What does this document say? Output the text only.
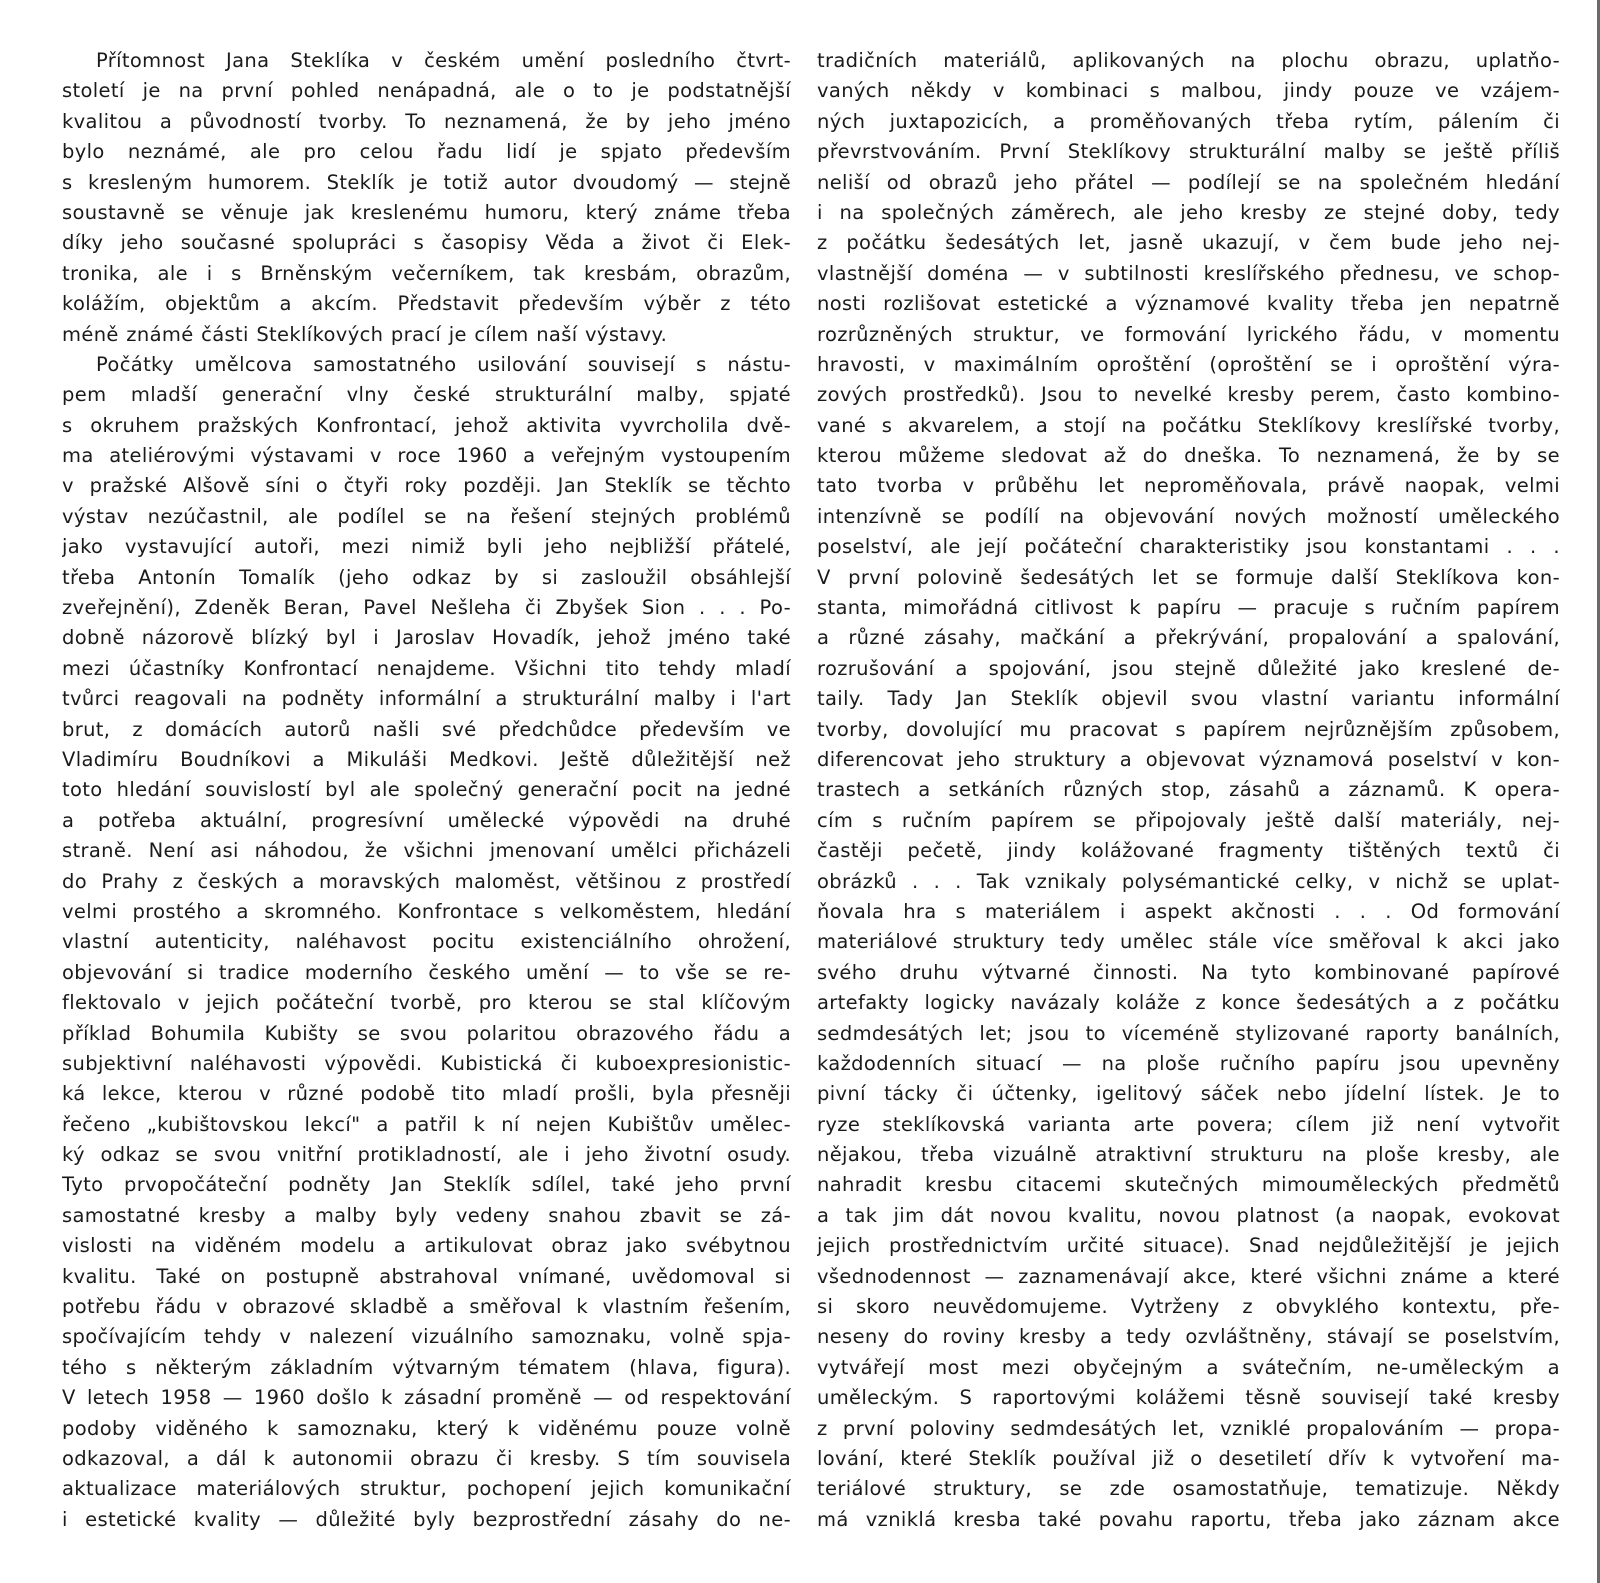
Přítomnost Jana Steklíka v českém umění posledního čtvrt-
století je na první pohled nenápadná, ale o to je podstatnější
kvalitou a původností tvorby. To neznamená, že by jeho jméno
bylo neznámé, ale pro celou řadu lidí je spjato především
s kresleným humorem. Steklík je totiž autor dvoudomý — stejně
soustavně se věnuje jak kreslenému humoru, který známe třeba
díky jeho současné spolupráci s časopisy Věda a život či Elek-
tronika, ale i s Brněnským večerníkem, tak kresbám, obrazům,
kolážím, objektům a akcím. Představit především výběr z této
méně známé části Steklíkových prací je cílem naší výstavy.
Počátky umělcova samostatného usilování souvisejí s nástu-
pem mladší generační vlny české strukturální malby, spjaté
s okruhem pražských Konfrontací, jehož aktivita vyvrcholila dvě-
ma ateliérovými výstavami v roce 1960 a veřejným vystoupením
v pražské Alšově síni o čtyři roky později. Jan Steklík se těchto
výstav nezúčastnil, ale podílel se na řešení stejných problémů
jako vystavující autoři, mezi nimiž byli jeho nejbližší přátelé,
třeba Antonín Tomalík (jeho odkaz by si zasloužil obsáhlejší
zveřejnění), Zdeněk Beran, Pavel Nešleha či Zbyšek Sion . . . Po-
dobně názorově blízký byl i Jaroslav Hovadík, jehož jméno také
mezi účastníky Konfrontací nenajdeme. Všichni tito tehdy mladí
tvůrci reagovali na podněty informální a strukturální malby i l'art
brut, z domácích autorů našli své předchůdce především ve
Vladimíru Boudníkovi a Mikuláši Medkovi. Ještě důležitější než
toto hledání souvislostí byl ale společný generační pocit na jedné
a potřeba aktuální, progresívní umělecké výpovědi na druhé
straně. Není asi náhodou, že všichni jmenovaní umělci přicházeli
do Prahy z českých a moravských maloměst, většinou z prostředí
velmi prostého a skromného. Konfrontace s velkoměstem, hledání
vlastní autenticity, naléhavost pocitu existenciálního ohrožení,
objevování si tradice moderního českého umění — to vše se re-
flektovalo v jejich počáteční tvorbě, pro kterou se stal klíčovým
příklad Bohumila Kubišty se svou polaritou obrazového řádu a
subjektivní naléhavosti výpovědi. Kubistická či kuboexpresionistic-
ká lekce, kterou v různé podobě tito mladí prošli, byla přesněji
řečeno „kubištovskou lekcí" a patřil k ní nejen Kubištův umělec-
ký odkaz se svou vnitřní protikladností, ale i jeho životní osudy.
Tyto prvopočáteční podněty Jan Steklík sdílel, také jeho první
samostatné kresby a malby byly vedeny snahou zbavit se zá-
vislosti na viděném modelu a artikulovat obraz jako svébytnou
kvalitu. Také on postupně abstrahoval vnímané, uvědomoval si
potřebu řádu v obrazové skladbě a směřoval k vlastním řešením,
spočívajícím tehdy v nalezení vizuálního samoznaku, volně spja-
tého s některým základním výtvarným tématem (hlava, figura).
V letech 1958 — 1960 došlo k zásadní proměně — od respektování
podoby viděného k samoznaku, který k viděnému pouze volně
odkazoval, a dál k autonomii obrazu či kresby. S tím souvisela
aktualizace materiálových struktur, pochopení jejich komunikační
i estetické kvality — důležité byly bezprostřední zásahy do ne-
tradičních materiálů, aplikovaných na plochu obrazu, uplatňo-
vaných někdy v kombinaci s malbou, jindy pouze ve vzájem-
ných juxtapozicích, a proměňovaných třeba rytím, pálením či
převrstvováním. První Steklíkovy strukturální malby se ještě příliš
neliší od obrazů jeho přátel — podílejí se na společném hledání
i na společných záměrech, ale jeho kresby ze stejné doby, tedy
z počátku šedesátých let, jasně ukazují, v čem bude jeho nej-
vlastnější doména — v subtilnosti kreslířského přednesu, ve schop-
nosti rozlišovat estetické a významové kvality třeba jen nepatrně
rozrůzněných struktur, ve formování lyrického řádu, v momentu
hravosti, v maximálním oproštění (oproštění se i oproštění výra-
zových prostředků). Jsou to nevelké kresby perem, často kombino-
vané s akvarelem, a stojí na počátku Steklíkovy kreslířské tvorby,
kterou můžeme sledovat až do dneška. To neznamená, že by se
tato tvorba v průběhu let neproměňovala, právě naopak, velmi
intenzívně se podílí na objevování nových možností uměleckého
poselství, ale její počáteční charakteristiky jsou konstantami . . .
V první polovině šedesátých let se formuje další Steklíkova kon-
stanta, mimořádná citlivost k papíru — pracuje s ručním papírem
a různé zásahy, mačkání a překrývání, propalování a spalování,
rozrušování a spojování, jsou stejně důležité jako kreslené de-
taily. Tady Jan Steklík objevil svou vlastní variantu informální
tvorby, dovolující mu pracovat s papírem nejrůznějším způsobem,
diferencovat jeho struktury a objevovat významová poselství v kon-
trastech a setkáních různých stop, zásahů a záznamů. K opera-
cím s ručním papírem se připojovaly ještě další materiály, nej-
častěji pečetě, jindy kolážované fragmenty tištěných textů či
obrázků . . . Tak vznikaly polysémantické celky, v nichž se uplat-
ňovala hra s materiálem i aspekt akčnosti . . . Od formování
materiálové struktury tedy umělec stále více směřoval k akci jako
svého druhu výtvarné činnosti. Na tyto kombinované papírové
artefakty logicky navázaly koláže z konce šedesátých a z počátku
sedmdesátých let; jsou to víceméně stylizované raporty banálních,
každodenních situací — na ploše ručního papíru jsou upevněny
pivní tácky či účtenky, igelitový sáček nebo jídelní lístek. Je to
ryze steklíkovská varianta arte povera; cílem již není vytvořit
nějakou, třeba vizuálně atraktivní strukturu na ploše kresby, ale
nahradit kresbu citacemi skutečných mimouměleckých předmětů
a tak jim dát novou kvalitu, novou platnost (a naopak, evokovat
jejich prostřednictvím určité situace). Snad nejdůležitější je jejich
všednodennost — zaznamenávají akce, které všichni známe a které
si skoro neuvědomujeme. Vytrženy z obvyklého kontextu, pře-
neseny do roviny kresby a tedy ozvláštněny, stávají se poselstvím,
vytvářejí most mezi obyčejným a svátečním, ne-uměleckým a
uměleckým. S raportovými kolážemi těsně souvisejí také kresby
z první poloviny sedmdesátých let, vzniklé propalováním — propa-
lování, které Steklík používal již o desetiletí dřív k vytvoření ma-
teriálové struktury, se zde osamostatňuje, tematizuje. Někdy
má vzniklá kresba také povahu raportu, třeba jako záznam akce
